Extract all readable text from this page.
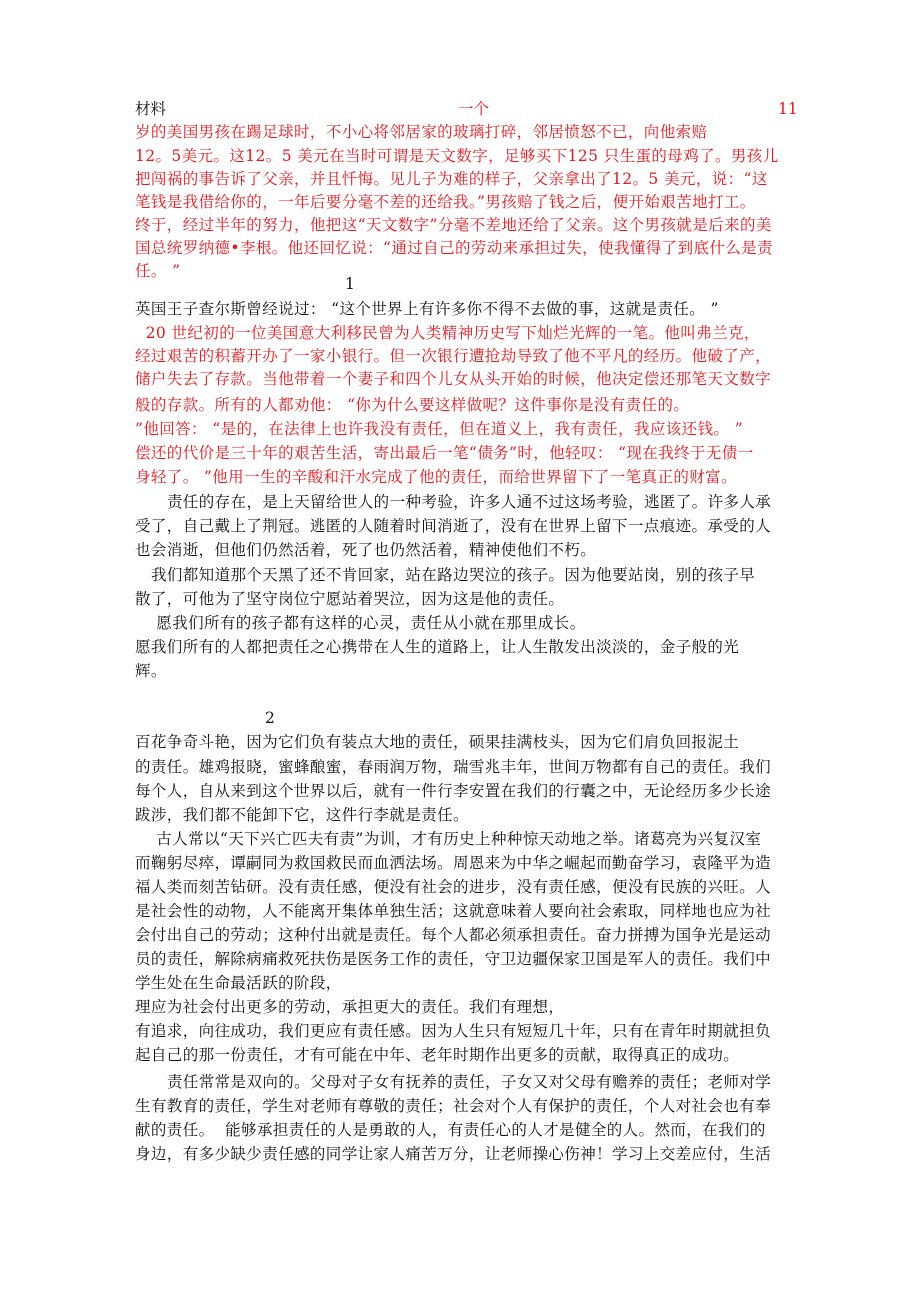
材料	一个	11
岁的美国男孩在踢足球时，不小心将邻居家的玻璃打碎，邻居愤怒不已，向他索赔
12。5美元。这12。5 美元在当时可谓是天文数字，足够买下125 只生蛋的母鸡了。男孩儿
把闯祸的事告诉了父亲，并且忏悔。见儿子为难的样子，父亲拿出了12。5 美元，说：“这
笔钱是我借给你的，一年后要分毫不差的还给我。”男孩赔了钱之后，便开始艰苦地打工。
终于，经过半年的努力，他把这“天文数字”分毫不差地还给了父亲。这个男孩就是后来的美
国总统罗纳德•李根。他还回忆说：“通过自己的劳动来承担过失，使我懂得了到底什么是责
任。 ”
1
英国王子查尔斯曾经说过： “这个世界上有许多你不得不去做的事，这就是责任。 ”
20 世纪初的一位美国意大利移民曾为人类精神历史写下灿烂光辉的一笔。他叫弗兰克，
经过艰苦的积蓄开办了一家小银行。但一次银行遭抢劫导致了他不平凡的经历。他破了产，
储户失去了存款。当他带着一个妻子和四个儿女从头开始的时候，他决定偿还那笔天文数字
般的存款。所有的人都劝他： “你为什么要这样做呢？这件事你是没有责任的。
”他回答： “是的，在法律上也许我没有责任，但在道义上，我有责任，我应该还钱。 ”
偿还的代价是三十年的艰苦生活，寄出最后一笔“债务”时，他轻叹： “现在我终于无债一
身轻了。 ”他用一生的辛酸和汗水完成了他的责任，而给世界留下了一笔真正的财富。
责任的存在，是上天留给世人的一种考验，许多人通不过这场考验，逃匿了。许多人承
受了，自己戴上了荆冠。逃匿的人随着时间消逝了，没有在世界上留下一点痕迹。承受的人
也会消逝，但他们仍然活着，死了也仍然活着，精神使他们不朽。
我们都知道那个天黑了还不肯回家，站在路边哭泣的孩子。因为他要站岗，别的孩子早
散了，可他为了坚守岗位宁愿站着哭泣，因为这是他的责任。
愿我们所有的孩子都有这样的心灵，责任从小就在那里成长。
愿我们所有的人都把责任之心携带在人生的道路上，让人生散发出淡淡的，金子般的光
辉。
2
百花争奇斗艳，因为它们负有装点大地的责任，硕果挂满枝头，因为它们肩负回报泥土
的责任。雄鸡报晓，蜜蜂酿蜜，春雨润万物，瑞雪兆丰年，世间万物都有自己的责任。我们
每个人，自从来到这个世界以后，就有一件行李安置在我们的行囊之中，无论经历多少长途
跋涉，我们都不能卸下它，这件行李就是责任。
古人常以“天下兴亡匹夫有责”为训，才有历史上种种惊天动地之举。诸葛亮为兴复汉室
而鞠躬尽瘁，谭嗣同为救国救民而血洒法场。周恩来为中华之崛起而勤奋学习，袁隆平为造
福人类而刻苦钻研。没有责任感，便没有社会的进步，没有责任感，便没有民族的兴旺。人
是社会性的动物，人不能离开集体单独生活；这就意味着人要向社会索取，同样地也应为社
会付出自己的劳动；这种付出就是责任。每个人都必须承担责任。奋力拼搏为国争光是运动
员的责任，解除病痛救死扶伤是医务工作的责任，守卫边疆保家卫国是军人的责任。我们中
学生处在生命最活跃的阶段，
理应为社会付出更多的劳动，承担更大的责任。我们有理想，
有追求，向往成功，我们更应有责任感。因为人生只有短短几十年，只有在青年时期就担负
起自己的那一份责任，才有可能在中年、老年时期作出更多的贡献，取得真正的成功。
责任常常是双向的。父母对子女有抚养的责任，子女又对父母有赡养的责任；老师对学
生有教育的责任，学生对老师有尊敬的责任；社会对个人有保护的责任，个人对社会也有奉
献的责任。  能够承担责任的人是勇敢的人，有责任心的人才是健全的人。然而，在我们的
身边，有多少缺少责任感的同学让家人痛苦万分，让老师操心伤神！学习上交差应付，生活
